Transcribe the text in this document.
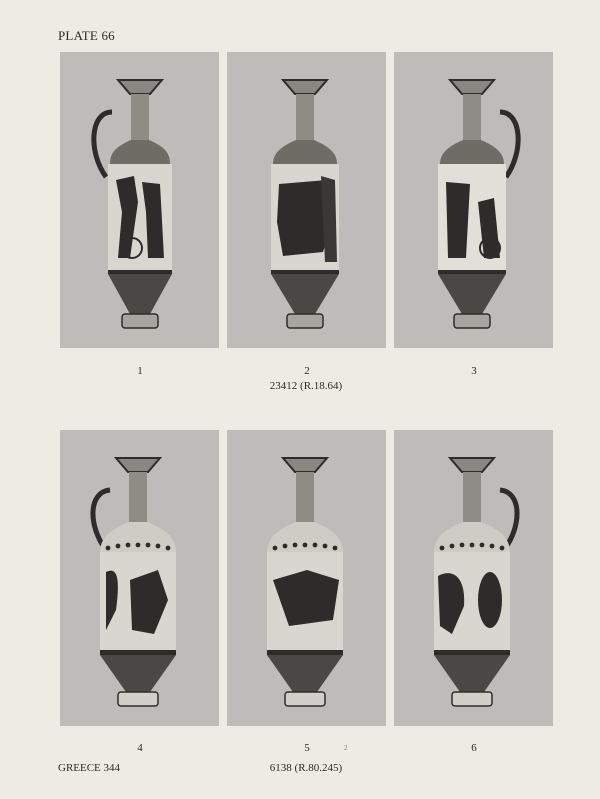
PLATE 66
1	2	3
23412 (R.18.64)
4	5	6
GREECE 344	6138 (R.80.245)
2
